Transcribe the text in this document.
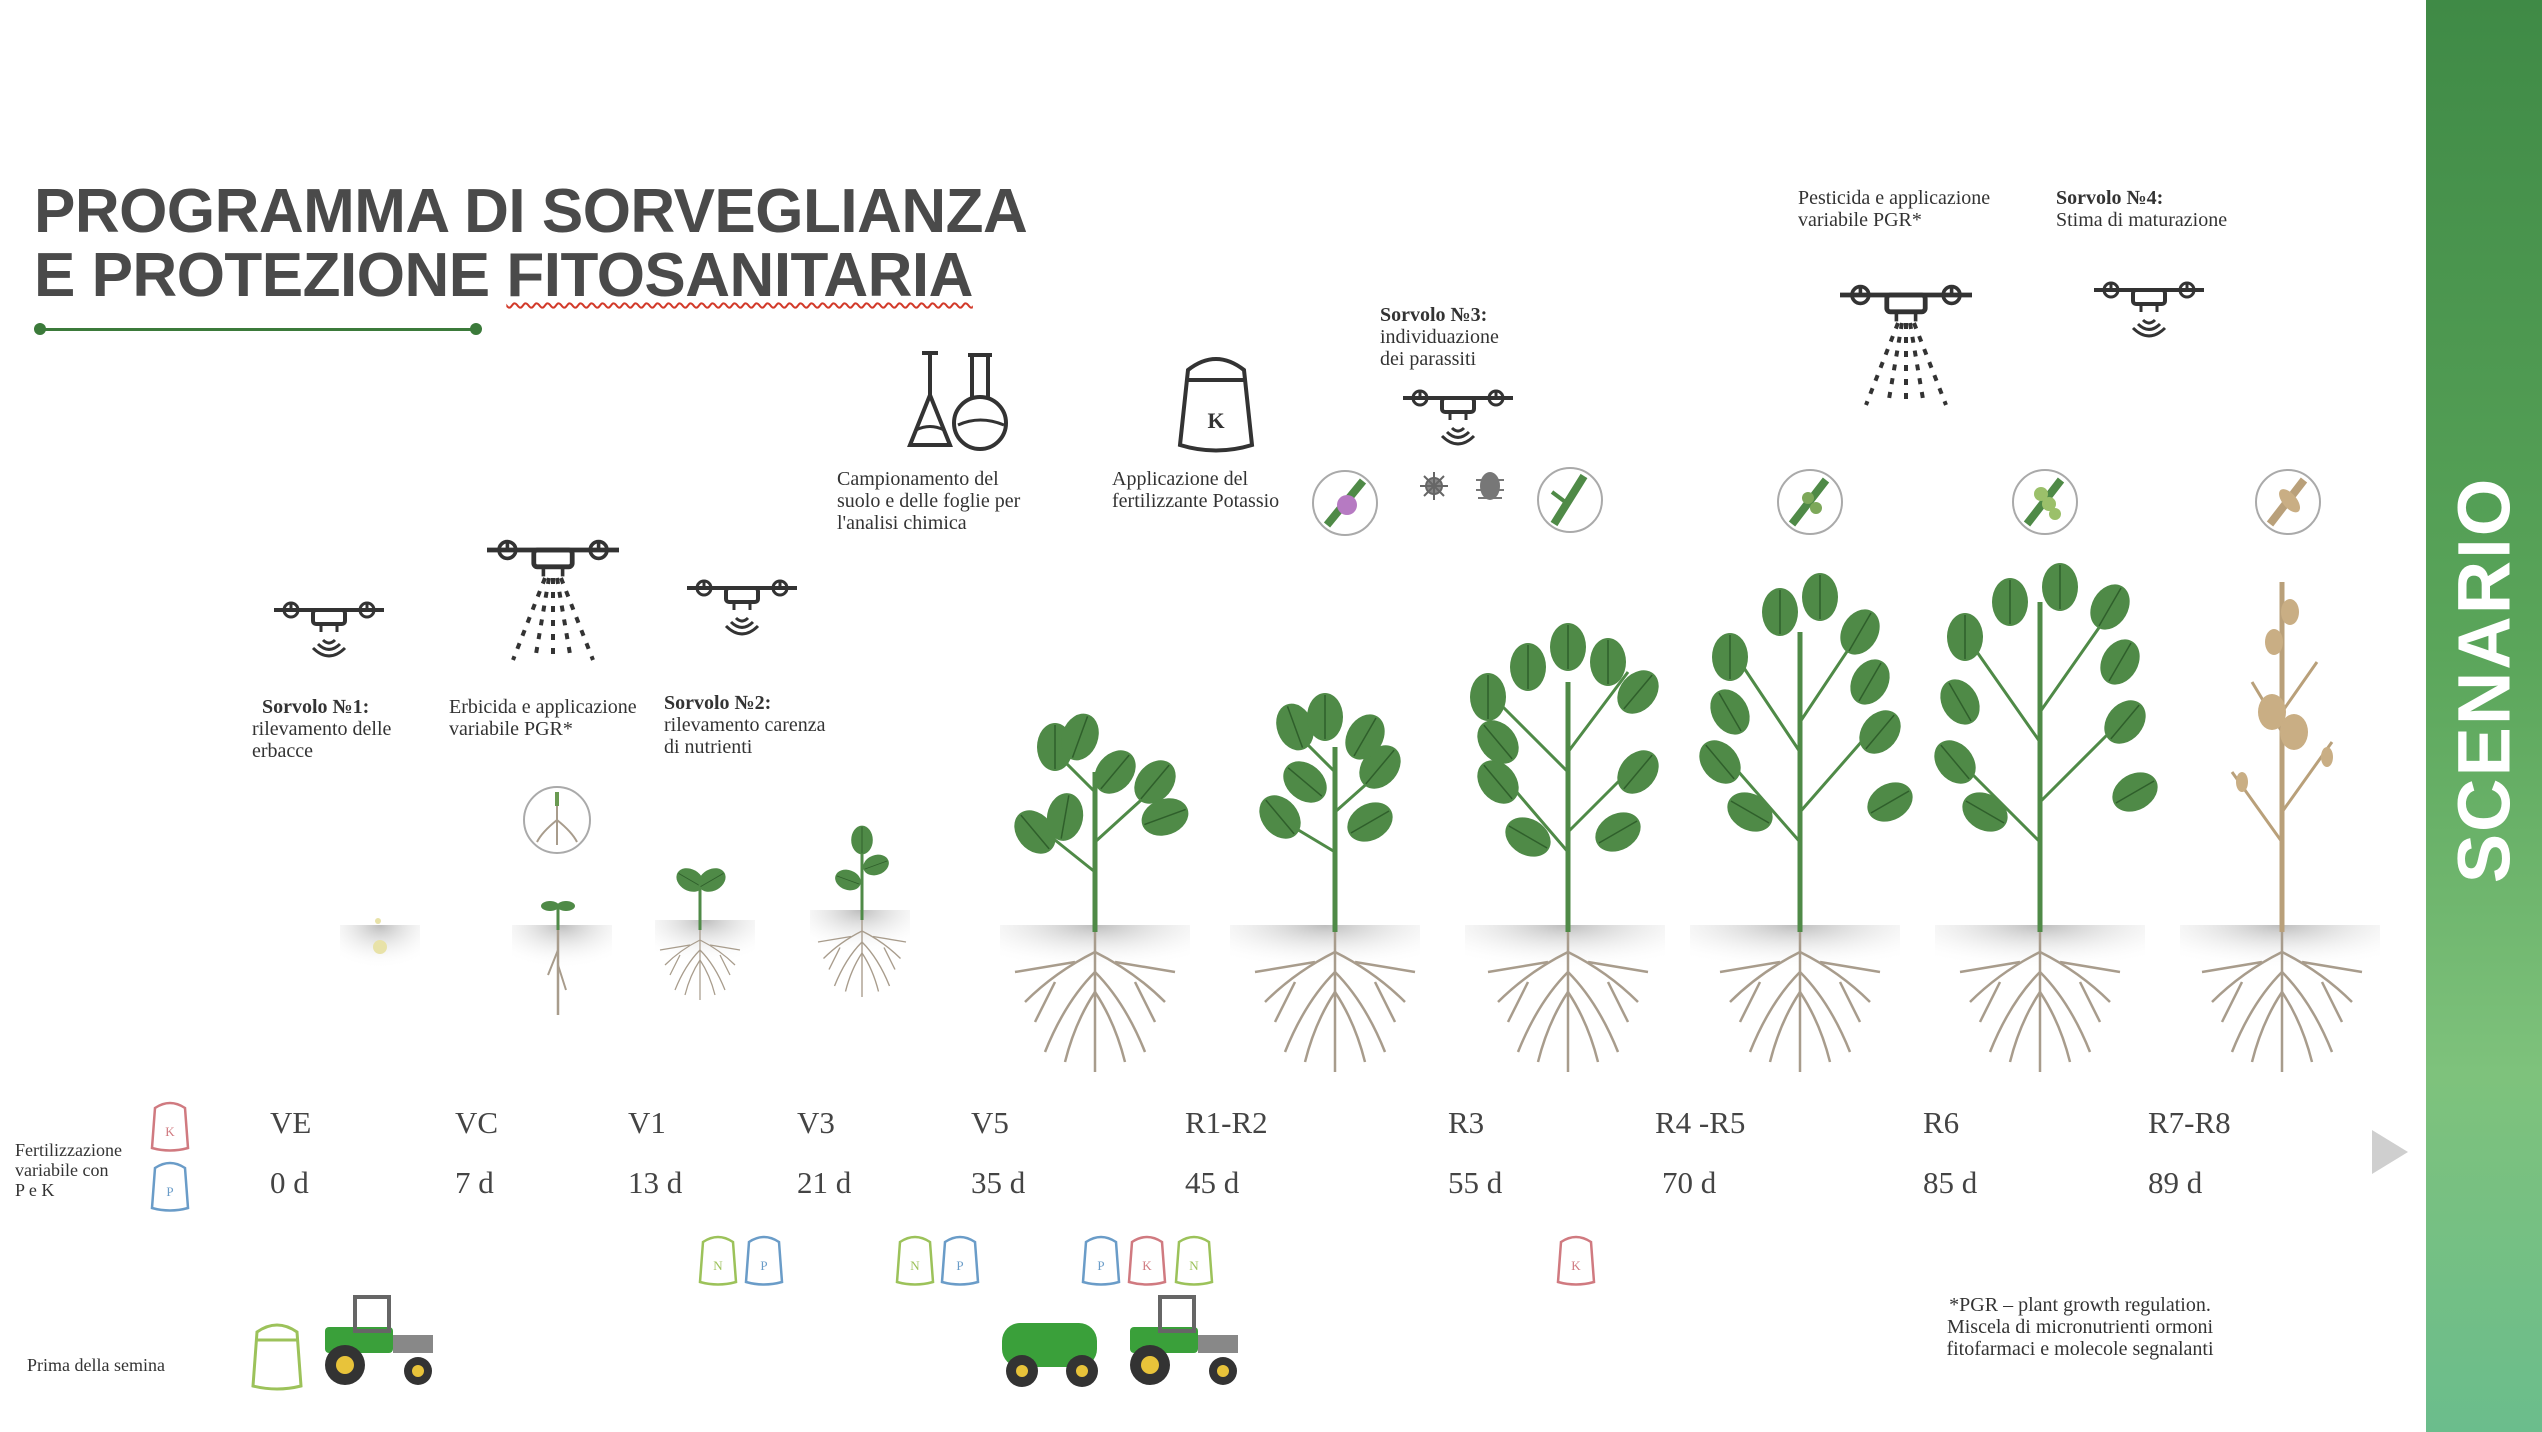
PROGRAMMA DI SORVEGLIANZA
E PROTEZIONE FITOSANITARIA
SCENARIO
K
Sorvolo №1:
rilevamento delle
erbacce
Erbicida e applicazione
variabile PGR*
Sorvolo №2:
rilevamento carenza
di nutrienti
Campionamento del
suolo e delle foglie per
l'analisi chimica
Applicazione del
fertilizzante Potassio
Sorvolo №3:
individuazione
dei parassiti
Pesticida e applicazione
variabile PGR*
Sorvolo №4:
Stima di maturazione
VE	VC	V1	V3	V5	R1-R2	R3	R4 -R5	R6	R7-R8
0 d	7 d	13 d	21 d	35 d	45 d	55 d	70 d	85 d	89 d
Fertilizzazione
variabile con
P e K
K
P
N	P	N	P	P	K	N	K
Prima della semina
*PGR – plant growth regulation.
Miscela di micronutrienti ormoni
fitofarmaci e molecole segnalanti
